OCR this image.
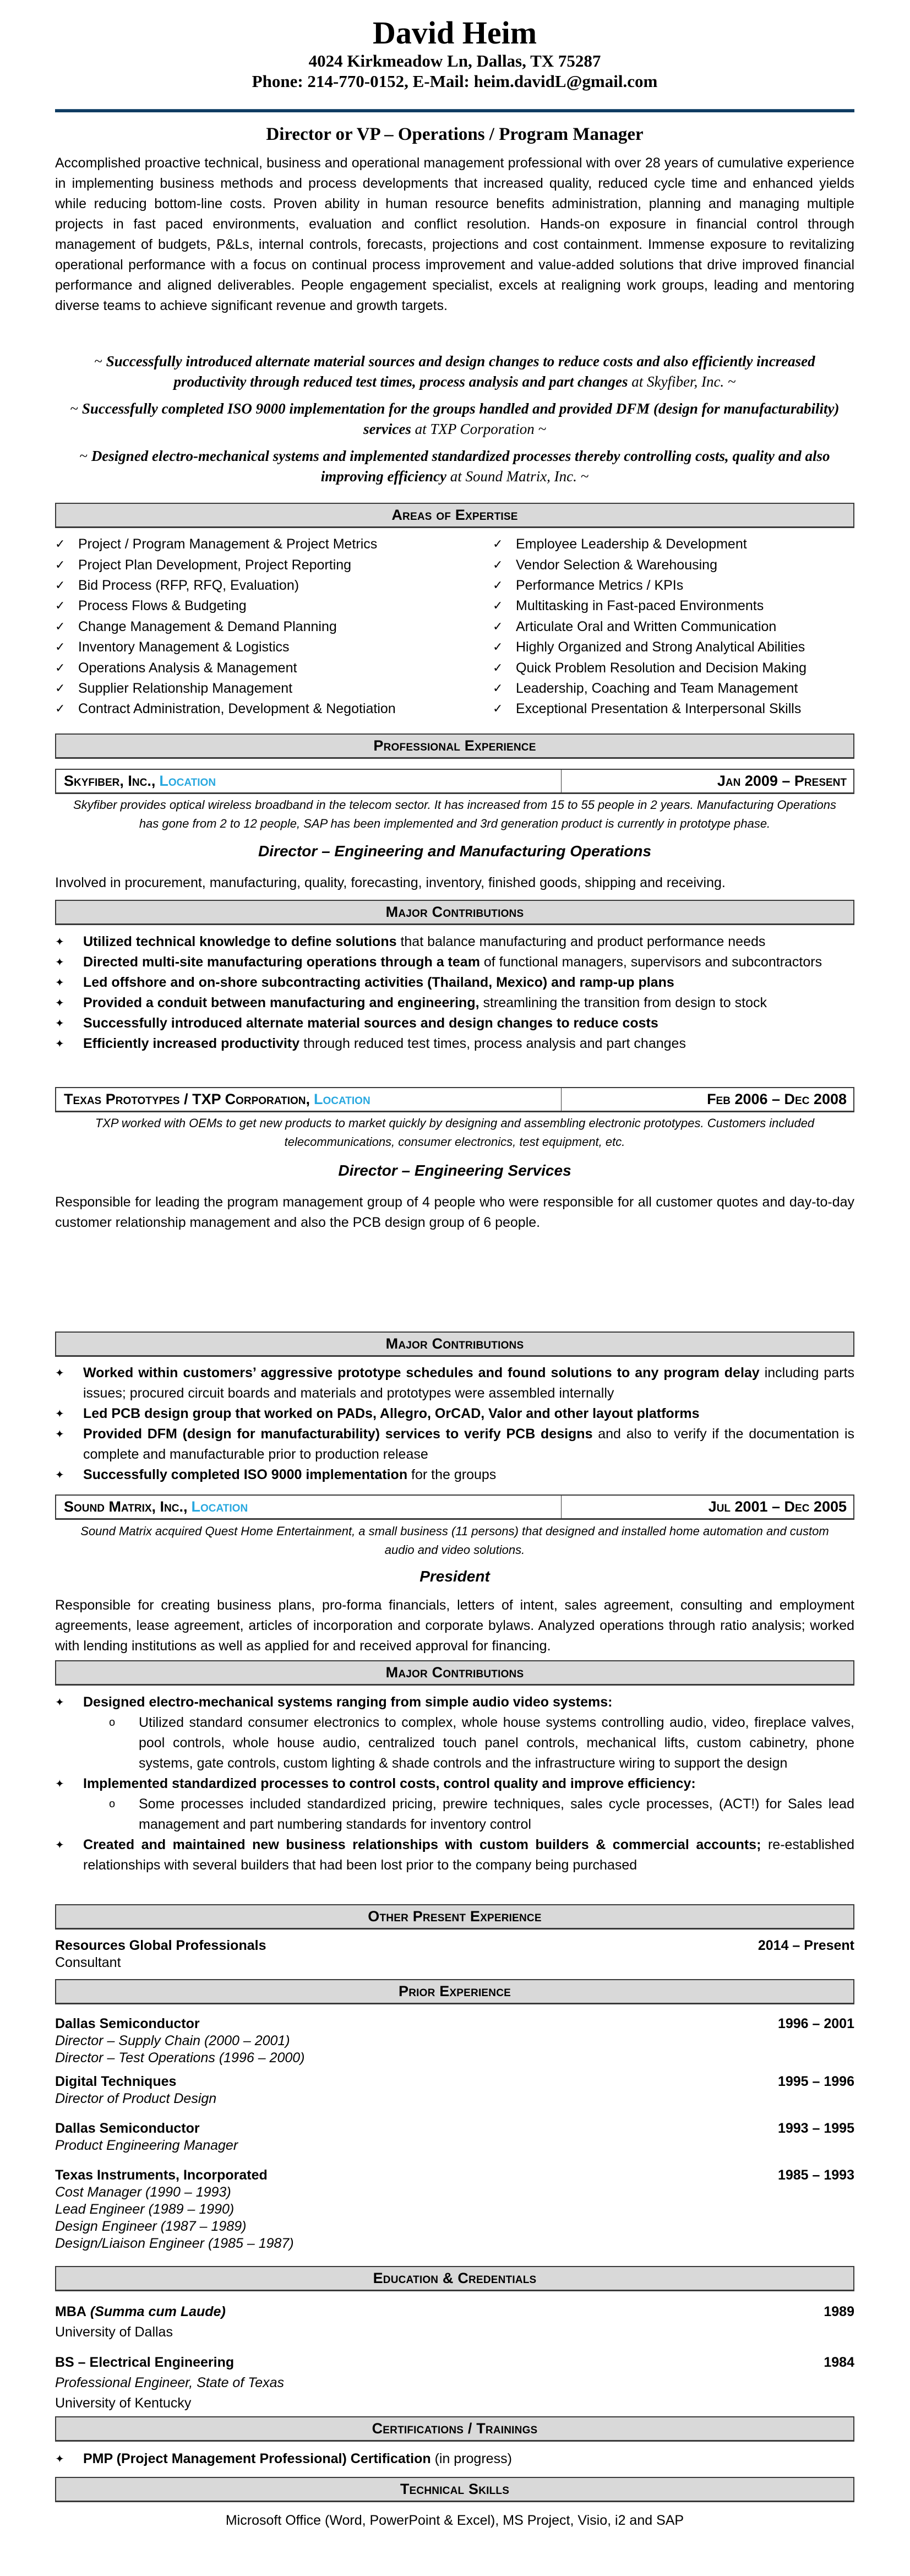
David Heim
4024 Kirkmeadow Ln, Dallas, TX 75287
Phone: 214-770-0152, E-Mail: heim.davidL@gmail.com
Director or VP – Operations / Program Manager
Accomplished proactive technical, business and operational management professional with over 28 years of cumulative experience in implementing business methods and process developments that increased quality, reduced cycle time and enhanced yields while reducing bottom-line costs. Proven ability in human resource benefits administration, planning and managing multiple projects in fast paced environments, evaluation and conflict resolution. Hands-on exposure in financial control through management of budgets, P&Ls, internal controls, forecasts, projections and cost containment. Immense exposure to revitalizing operational performance with a focus on continual process improvement and value-added solutions that drive improved financial performance and aligned deliverables. People engagement specialist, excels at realigning work groups, leading and mentoring diverse teams to achieve significant revenue and growth targets.
~ Successfully introduced alternate material sources and design changes to reduce costs and also efficiently increased productivity through reduced test times, process analysis and part changes at Skyfiber, Inc. ~
~ Successfully completed ISO 9000 implementation for the groups handled and provided DFM (design for manufacturability) services at TXP Corporation ~
~ Designed electro-mechanical systems and implemented standardized processes thereby controlling costs, quality and also improving efficiency at Sound Matrix, Inc. ~
Areas of Expertise
✓ Project / Program Management & Project Metrics
✓ Project Plan Development, Project Reporting
✓ Bid Process (RFP, RFQ, Evaluation)
✓ Process Flows & Budgeting
✓ Change Management & Demand Planning
✓ Inventory Management & Logistics
✓ Operations Analysis & Management
✓ Supplier Relationship Management
✓ Contract Administration, Development & Negotiation
✓ Employee Leadership & Development
✓ Vendor Selection & Warehousing
✓ Performance Metrics / KPIs
✓ Multitasking in Fast-paced Environments
✓ Articulate Oral and Written Communication
✓ Highly Organized and Strong Analytical Abilities
✓ Quick Problem Resolution and Decision Making
✓ Leadership, Coaching and Team Management
✓ Exceptional Presentation & Interpersonal Skills
Professional Experience
Skyfiber, Inc., Location	Jan 2009 – Present
Skyfiber provides optical wireless broadband in the telecom sector. It has increased from 15 to 55 people in 2 years. Manufacturing Operations has gone from 2 to 12 people, SAP has been implemented and 3rd generation product is currently in prototype phase.
Director – Engineering and Manufacturing Operations
Involved in procurement, manufacturing, quality, forecasting, inventory, finished goods, shipping and receiving.
Major Contributions
✦	Utilized technical knowledge to define solutions that balance manufacturing and product performance needs
✦	Directed multi-site manufacturing operations through a team of functional managers, supervisors and subcontractors
✦	Led offshore and on-shore subcontracting activities (Thailand, Mexico) and ramp-up plans
✦	Provided a conduit between manufacturing and engineering, streamlining the transition from design to stock
✦	Successfully introduced alternate material sources and design changes to reduce costs
✦	Efficiently increased productivity through reduced test times, process analysis and part changes
Texas Prototypes / TXP Corporation, Location	Feb 2006 – Dec 2008
TXP worked with OEMs to get new products to market quickly by designing and assembling electronic prototypes. Customers included telecommunications, consumer electronics, test equipment, etc.
Director – Engineering Services
Responsible for leading the program management group of 4 people who were responsible for all customer quotes and day-to-day customer relationship management and also the PCB design group of 6 people.
Major Contributions
✦	Worked within customers’ aggressive prototype schedules and found solutions to any program delay including parts issues; procured circuit boards and materials and prototypes were assembled internally
✦	Led PCB design group that worked on PADs, Allegro, OrCAD, Valor and other layout platforms
✦	Provided DFM (design for manufacturability) services to verify PCB designs and also to verify if the documentation is complete and manufacturable prior to production release
✦	Successfully completed ISO 9000 implementation for the groups
Sound Matrix, Inc., Location	Jul 2001 – Dec 2005
Sound Matrix acquired Quest Home Entertainment, a small business (11 persons) that designed and installed home automation and custom audio and video solutions.
President
Responsible for creating business plans, pro-forma financials, letters of intent, sales agreement, consulting and employment agreements, lease agreement, articles of incorporation and corporate bylaws. Analyzed operations through ratio analysis; worked with lending institutions as well as applied for and received approval for financing.
Major Contributions
✦	Designed electro-mechanical systems ranging from simple audio video systems:
o	Utilized standard consumer electronics to complex, whole house systems controlling audio, video, fireplace valves, pool controls, whole house audio, centralized touch panel controls, mechanical lifts, custom cabinetry, phone systems, gate controls, custom lighting & shade controls and the infrastructure wiring to support the design
✦	Implemented standardized processes to control costs, control quality and improve efficiency:
o	Some processes included standardized pricing, prewire techniques, sales cycle processes, (ACT!) for Sales lead management and part numbering standards for inventory control
✦	Created and maintained new business relationships with custom builders & commercial accounts; re-established relationships with several builders that had been lost prior to the company being purchased
Other Present Experience
Resources Global Professionals	2014 – Present
Consultant
Prior Experience
Dallas Semiconductor	1996 – 2001
Director – Supply Chain (2000 – 2001)
Director – Test Operations (1996 – 2000)
Digital Techniques	1995 – 1996
Director of Product Design
Dallas Semiconductor	1993 – 1995
Product Engineering Manager
Texas Instruments, Incorporated	1985 – 1993
Cost Manager (1990 – 1993)
Lead Engineer (1989 – 1990)
Design Engineer (1987 – 1989)
Design/Liaison Engineer (1985 – 1987)
Education & Credentials
MBA (Summa cum Laude)	1989
University of Dallas
BS – Electrical Engineering	1984
Professional Engineer, State of Texas
University of Kentucky
Certifications / Trainings
✦	PMP (Project Management Professional) Certification (in progress)
Technical Skills
Microsoft Office (Word, PowerPoint & Excel), MS Project, Visio, i2 and SAP
